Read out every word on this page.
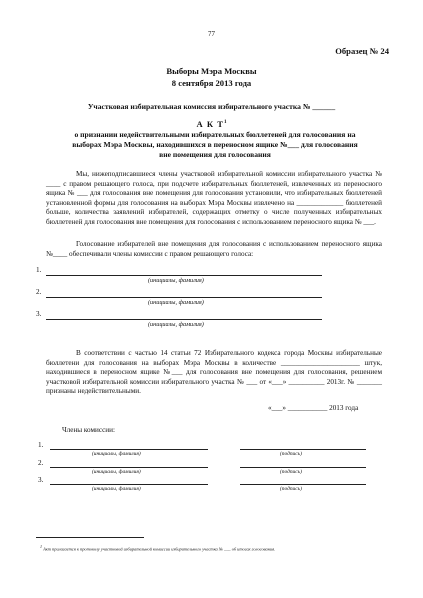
77
Образец № 24
Выборы Мэра Москвы
8 сентября 2013 года
Участковая избирательная комиссия избирательного участка № ______
А К $Т^1$
о признании недействительными избирательных бюллетеней для голосования на выборах Мэра Москвы, находившихся в переносном ящике №___ для голосования вне помещения для голосования
Мы, нижеподписавшиеся члены участковой избирательной комиссии избирательного участка № ____ с правом решающего голоса, при подсчете избирательных бюллетеней, извлеченных из переносного ящика № ___ для голосования вне помещения для голосования установили, что избирательных бюллетеней установленной формы для голосования на выборах Мэра Москвы извлечено на _____________ бюллетеней больше, количества заявлений избирателей, содержащих отметку о числе полученных избирательных бюллетеней для голосования вне помещения для голосования с использованием переносного ящика № ___.
Голосование избирателей вне помещения для голосования с использованием переносного ящика №____ обеспечивали члены комиссии с правом решающего голоса:
1.
(инициалы, фамилия)
2.
(инициалы, фамилия)
3.
(инициалы, фамилия)
В соответствии с частью 14 статьи 72 Избирательного кодекса города Москвы избирательные бюллетени для голосования на выборах Мэра Москвы в количестве ______________________ штук, находившиеся в переносном ящике №___ для голосования вне помещения для голосования, решением участковой избирательной комиссии избирательного участка № ___ от «___» __________ 2013г. № _______ признаны недействительными.
«___» ___________ 2013 года
Члены комиссии:
1.
(инициалы, фамилия)	(подпись)
2.
(инициалы, фамилия)	(подпись)
3.
(инициалы, фамилия)	(подпись)
$^1$ Акт прилагается к протоколу участковой избирательной комиссии избирательного участка № ___ об итогах голосования.
